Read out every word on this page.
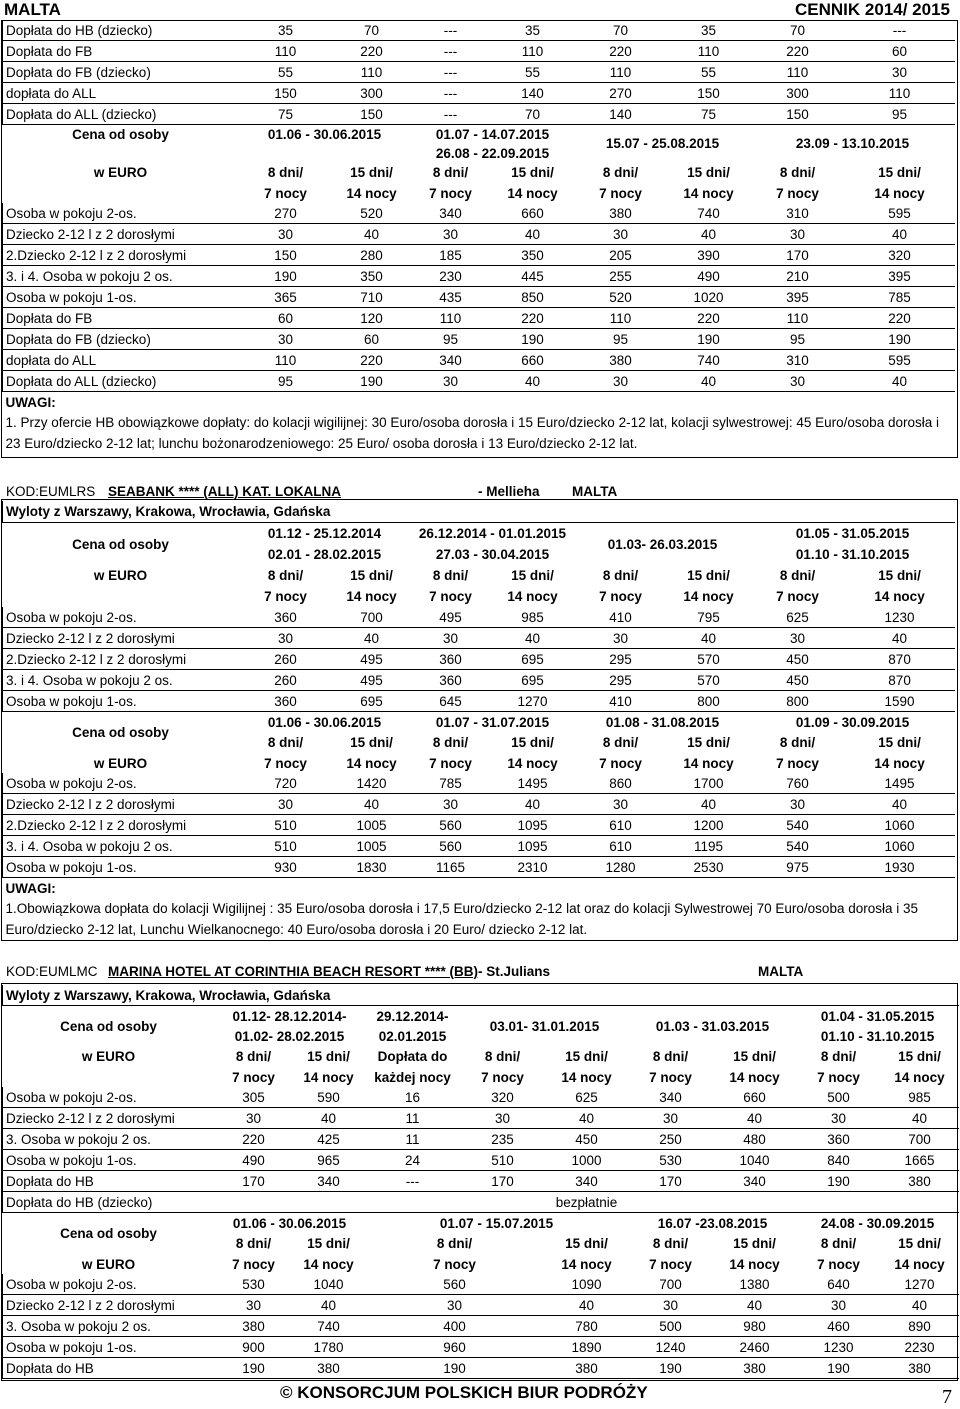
MALTA	CENNIK 2014/ 2015
Dopłata do HB (dziecko)	35	70	---	35	70	35	70	---	
Dopłata do FB	110	220	---	110	220	110	220	60	
Dopłata do FB (dziecko)	55	110	---	55	110	55	110	30	
dopłata do ALL	150	300	---	140	270	150	300	110	
Dopłata do ALL (dziecko)	75	150	---	70	140	75	150	95	
Cena od osoby	01.06 - 30.06.2015		01.07 - 14.07.2015		15.07 - 25.08.2015		23.09 - 13.10.2015		
			26.08 - 22.09.2015						
w EURO	8 dni/	15 dni/	8 dni/	15 dni/	8 dni/	15 dni/	8 dni/	15 dni/	
	7 nocy	14 nocy	7 nocy	14 nocy	7 nocy	14 nocy	7 nocy	14 nocy	
Osoba w pokoju 2-os.	270	520	340	660	380	740	310	595	
Dziecko 2-12 l z 2 dorosłymi	30	40	30	40	30	40	30	40	
2.Dziecko 2-12 l z 2 dorosłymi	150	280	185	350	205	390	170	320	
3. i 4. Osoba w pokoju 2 os.	190	350	230	445	255	490	210	395	
Osoba w pokoju 1-os.	365	710	435	850	520	1020	395	785	
Dopłata do FB	60	120	110	220	110	220	110	220	
Dopłata do FB (dziecko)	30	60	95	190	95	190	95	190	
dopłata do ALL	110	220	340	660	380	740	310	595	
Dopłata do ALL (dziecko)	95	190	30	40	30	40	30	40	
UWAGI:									
1. Przy ofercie HB obowiązkowe dopłaty: do kolacji wigilijnej: 30 Euro/osoba dorosła i 15 Euro/dziecko 2-12 lat, kolacji sylwestrowej: 45 Euro/osoba dorosła i 23 Euro/dziecko 2-12 lat; lunchu bożonarodzeniowego: 25 Euro/ osoba dorosła i 13 Euro/dziecko 2-12 lat.									
KOD:EUMLRS SEABANK **** (ALL) KAT. LOKALNA	- Mellieha MALTA
Wyloty z Warszawy, Krakowa, Wrocławia, Gdańska								
Cena od osoby	01.12 - 25.12.2014		26.12.2014 - 01.01.2015		01.03- 26.03.2015		01.05 - 31.05.2015	
	02.01 - 28.02.2015		27.03 - 30.04.2015				01.10 - 31.10.2015	
w EURO	8 dni/	15 dni/	8 dni/	15 dni/	8 dni/	15 dni/	8 dni/	15 dni/
	7 nocy	14 nocy	7 nocy	14 nocy	7 nocy	14 nocy	7 nocy	14 nocy
Osoba w pokoju 2-os.	360	700	495	985	410	795	625	1230
Dziecko 2-12 l z 2 dorosłymi	30	40	30	40	30	40	30	40
2.Dziecko 2-12 l z 2 dorosłymi	260	495	360	695	295	570	450	870
3. i 4. Osoba w pokoju 2 os.	260	495	360	695	295	570	450	870
Osoba w pokoju 1-os.	360	695	645	1270	410	800	800	1590
Cena od osoby	01.06 - 30.06.2015		01.07 - 31.07.2015		01.08 - 31.08.2015		01.09 - 30.09.2015	
	8 dni/	15 dni/	8 dni/	15 dni/	8 dni/	15 dni/	8 dni/	15 dni/
w EURO	7 nocy	14 nocy	7 nocy	14 nocy	7 nocy	14 nocy	7 nocy	14 nocy
Osoba w pokoju 2-os.	720	1420	785	1495	860	1700	760	1495
Dziecko 2-12 l z 2 dorosłymi	30	40	30	40	30	40	30	40
2.Dziecko 2-12 l z 2 dorosłymi	510	1005	560	1095	610	1200	540	1060
3. i 4. Osoba w pokoju 2 os.	510	1005	560	1095	610	1195	540	1060
Osoba w pokoju 1-os.	930	1830	1165	2310	1280	2530	975	1930
UWAGI:								
1.Obowiązkowa dopłata do kolacji Wigilijnej : 35 Euro/osoba dorosła i 17,5 Euro/dziecko 2-12 lat oraz do kolacji Sylwestrowej 70 Euro/osoba dorosła i 35 Euro/dziecko 2-12 lat, Lunchu Wielkanocnego: 40 Euro/osoba dorosła i 20 Euro/ dziecko 2-12 lat.								
KOD:EUMLMC MARINA HOTEL AT CORINTHIA BEACH RESORT **** (BB) - St.Julians	MALTA
Wyloty z Warszawy, Krakowa, Wrocławia, Gdańska									
Cena od osoby	01.12- 28.12.2014-		29.12.2014-	03.01- 31.01.2015		01.03 - 31.03.2015		01.04 - 31.05.2015	
	01.02- 28.02.2015		02.01.2015					01.10 - 31.10.2015	
w EURO	8 dni/	15 dni/	Dopłata do	8 dni/	15 dni/	8 dni/	15 dni/	8 dni/	15 dni/
	7 nocy	14 nocy	każdej nocy	7 nocy	14 nocy	7 nocy	14 nocy	7 nocy	14 nocy
Osoba w pokoju 2-os.	305	590	16	320	625	340	660	500	985
Dziecko 2-12 l z 2 dorosłymi	30	40	11	30	40	30	40	30	40
3. Osoba w pokoju 2 os.	220	425	11	235	450	250	480	360	700
Osoba w pokoju 1-os.	490	965	24	510	1000	530	1040	840	1665
Dopłata do HB	170	340	---	170	340	170	340	190	380
Dopłata do HB (dziecko)	bezpłatnie								
Cena od osoby	01.06 - 30.06.2015		01.07 - 15.07.2015			16.07 -23.08.2015		24.08 - 30.09.2015	
	8 dni/	15 dni/	8 dni/		15 dni/	8 dni/	15 dni/	8 dni/	15 dni/
w EURO	7 nocy	14 nocy	7 nocy		14 nocy	7 nocy	14 nocy	7 nocy	14 nocy
Osoba w pokoju 2-os.	530	1040	560		1090	700	1380	640	1270
Dziecko 2-12 l z 2 dorosłymi	30	40	30		40	30	40	30	40
3. Osoba w pokoju 2 os.	380	740	400		780	500	980	460	890
Osoba w pokoju 1-os.	900	1780	960		1890	1240	2460	1230	2230
Dopłata do HB	190	380	190		380	190	380	190	380
© KONSORCJUM POLSKICH BIUR PODRÓŻY	7
